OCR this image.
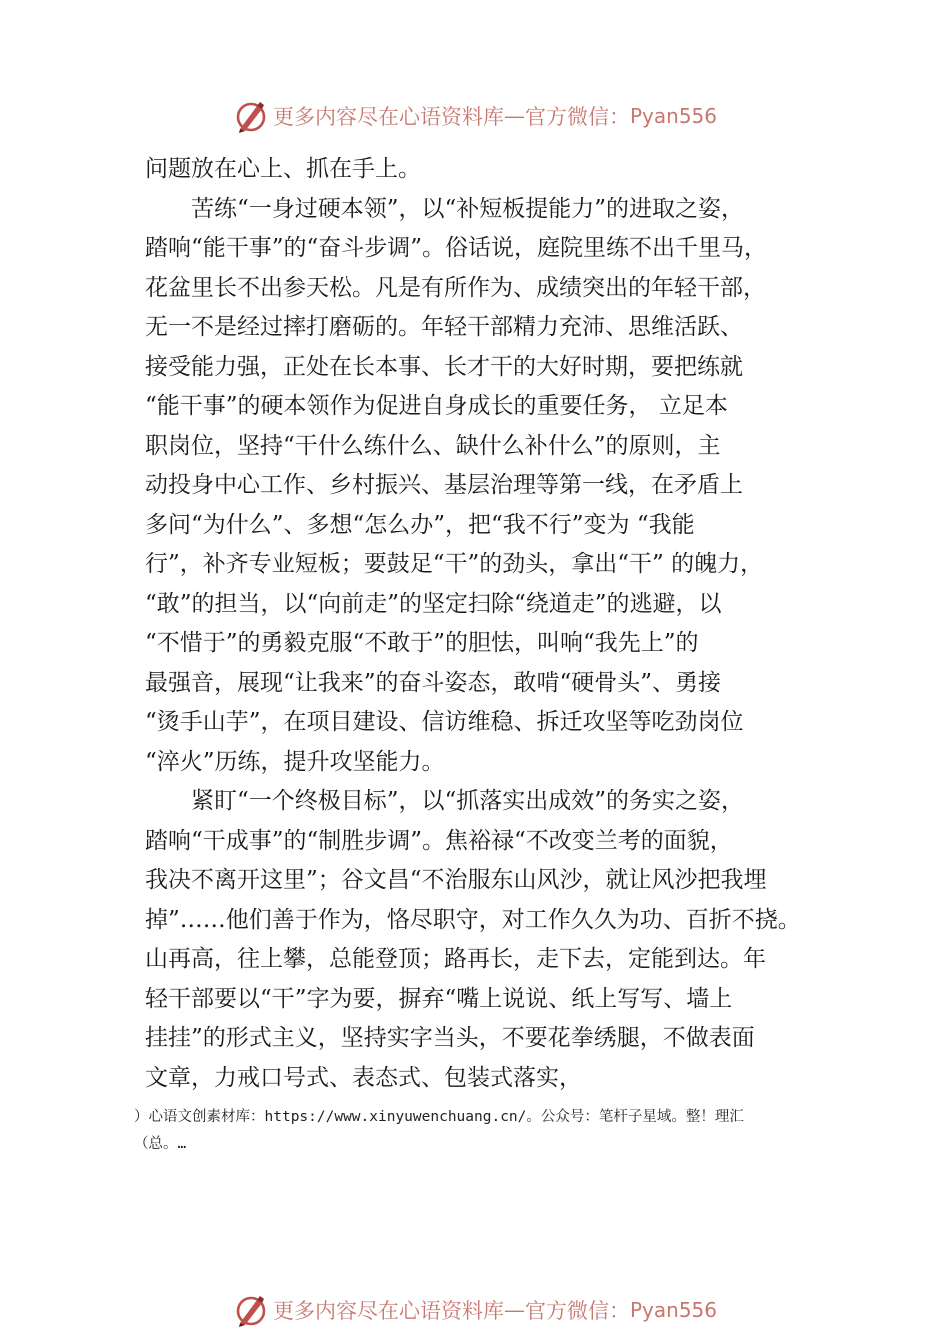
更多内容尽在心语资料库 — 官方微信： Pyan556
问题放在心上、抓在手上。
　　苦练“一身过硬本领”，以“补短板提能力”的进取之姿，
踏响“能干事”的“奋斗步调”。俗话说，庭院里练不出千里马，
花盆里长不出参天松。凡是有所作为、成绩突出的年轻干部，
无一不是经过摔打磨砺的。年轻干部精力充沛、思维活跃、
接受能力强，正处在长本事、长才干的大好时期，要把练就
“能干事”的硬本领作为促进自身成长的重要任务， 立足本
职岗位，坚持“干什么练什么、缺什么补什么”的原则，主
动投身中心工作、乡村振兴、基层治理等第一线，在矛盾上
多问“为什么”、多想“怎么办”，把“我不行”变为 “我能
行”，补齐专业短板；要鼓足“干”的劲头，拿出“干” 的魄力，
“敢”的担当，以“向前走”的坚定扫除“绕道走”的逃避，以
“不惜于”的勇毅克服“不敢于”的胆怯，叫响“我先上”的
最强音，展现“让我来”的奋斗姿态，敢啃“硬骨头”、勇接
“烫手山芋”，在项目建设、信访维稳、拆迁攻坚等吃劲岗位
“淬火”历练，提升攻坚能力。
　　紧盯“一个终极目标”，以“抓落实出成效”的务实之姿，
踏响“干成事”的“制胜步调”。焦裕禄“不改变兰考的面貌，
我决不离开这里”；谷文昌“不治服东山风沙，就让风沙把我埋
掉”……他们善于作为，恪尽职守，对工作久久为功、百折不挠。
山再高，往上攀，总能登顶；路再长，走下去，定能到达。年
轻干部要以“干”字为要，摒弃“嘴上说说、纸上写写、墙上
挂挂”的形式主义，坚持实字当头，不要花拳绣腿，不做表面
文章，力戒口号式、表态式、包装式落实，
）心语文创素材库：https://www.xinyuwenchuang.cn/。公众号：笔杆子星域。整！理汇
（总。…
更多内容尽在心语资料库 — 官方微信： Pyan556
